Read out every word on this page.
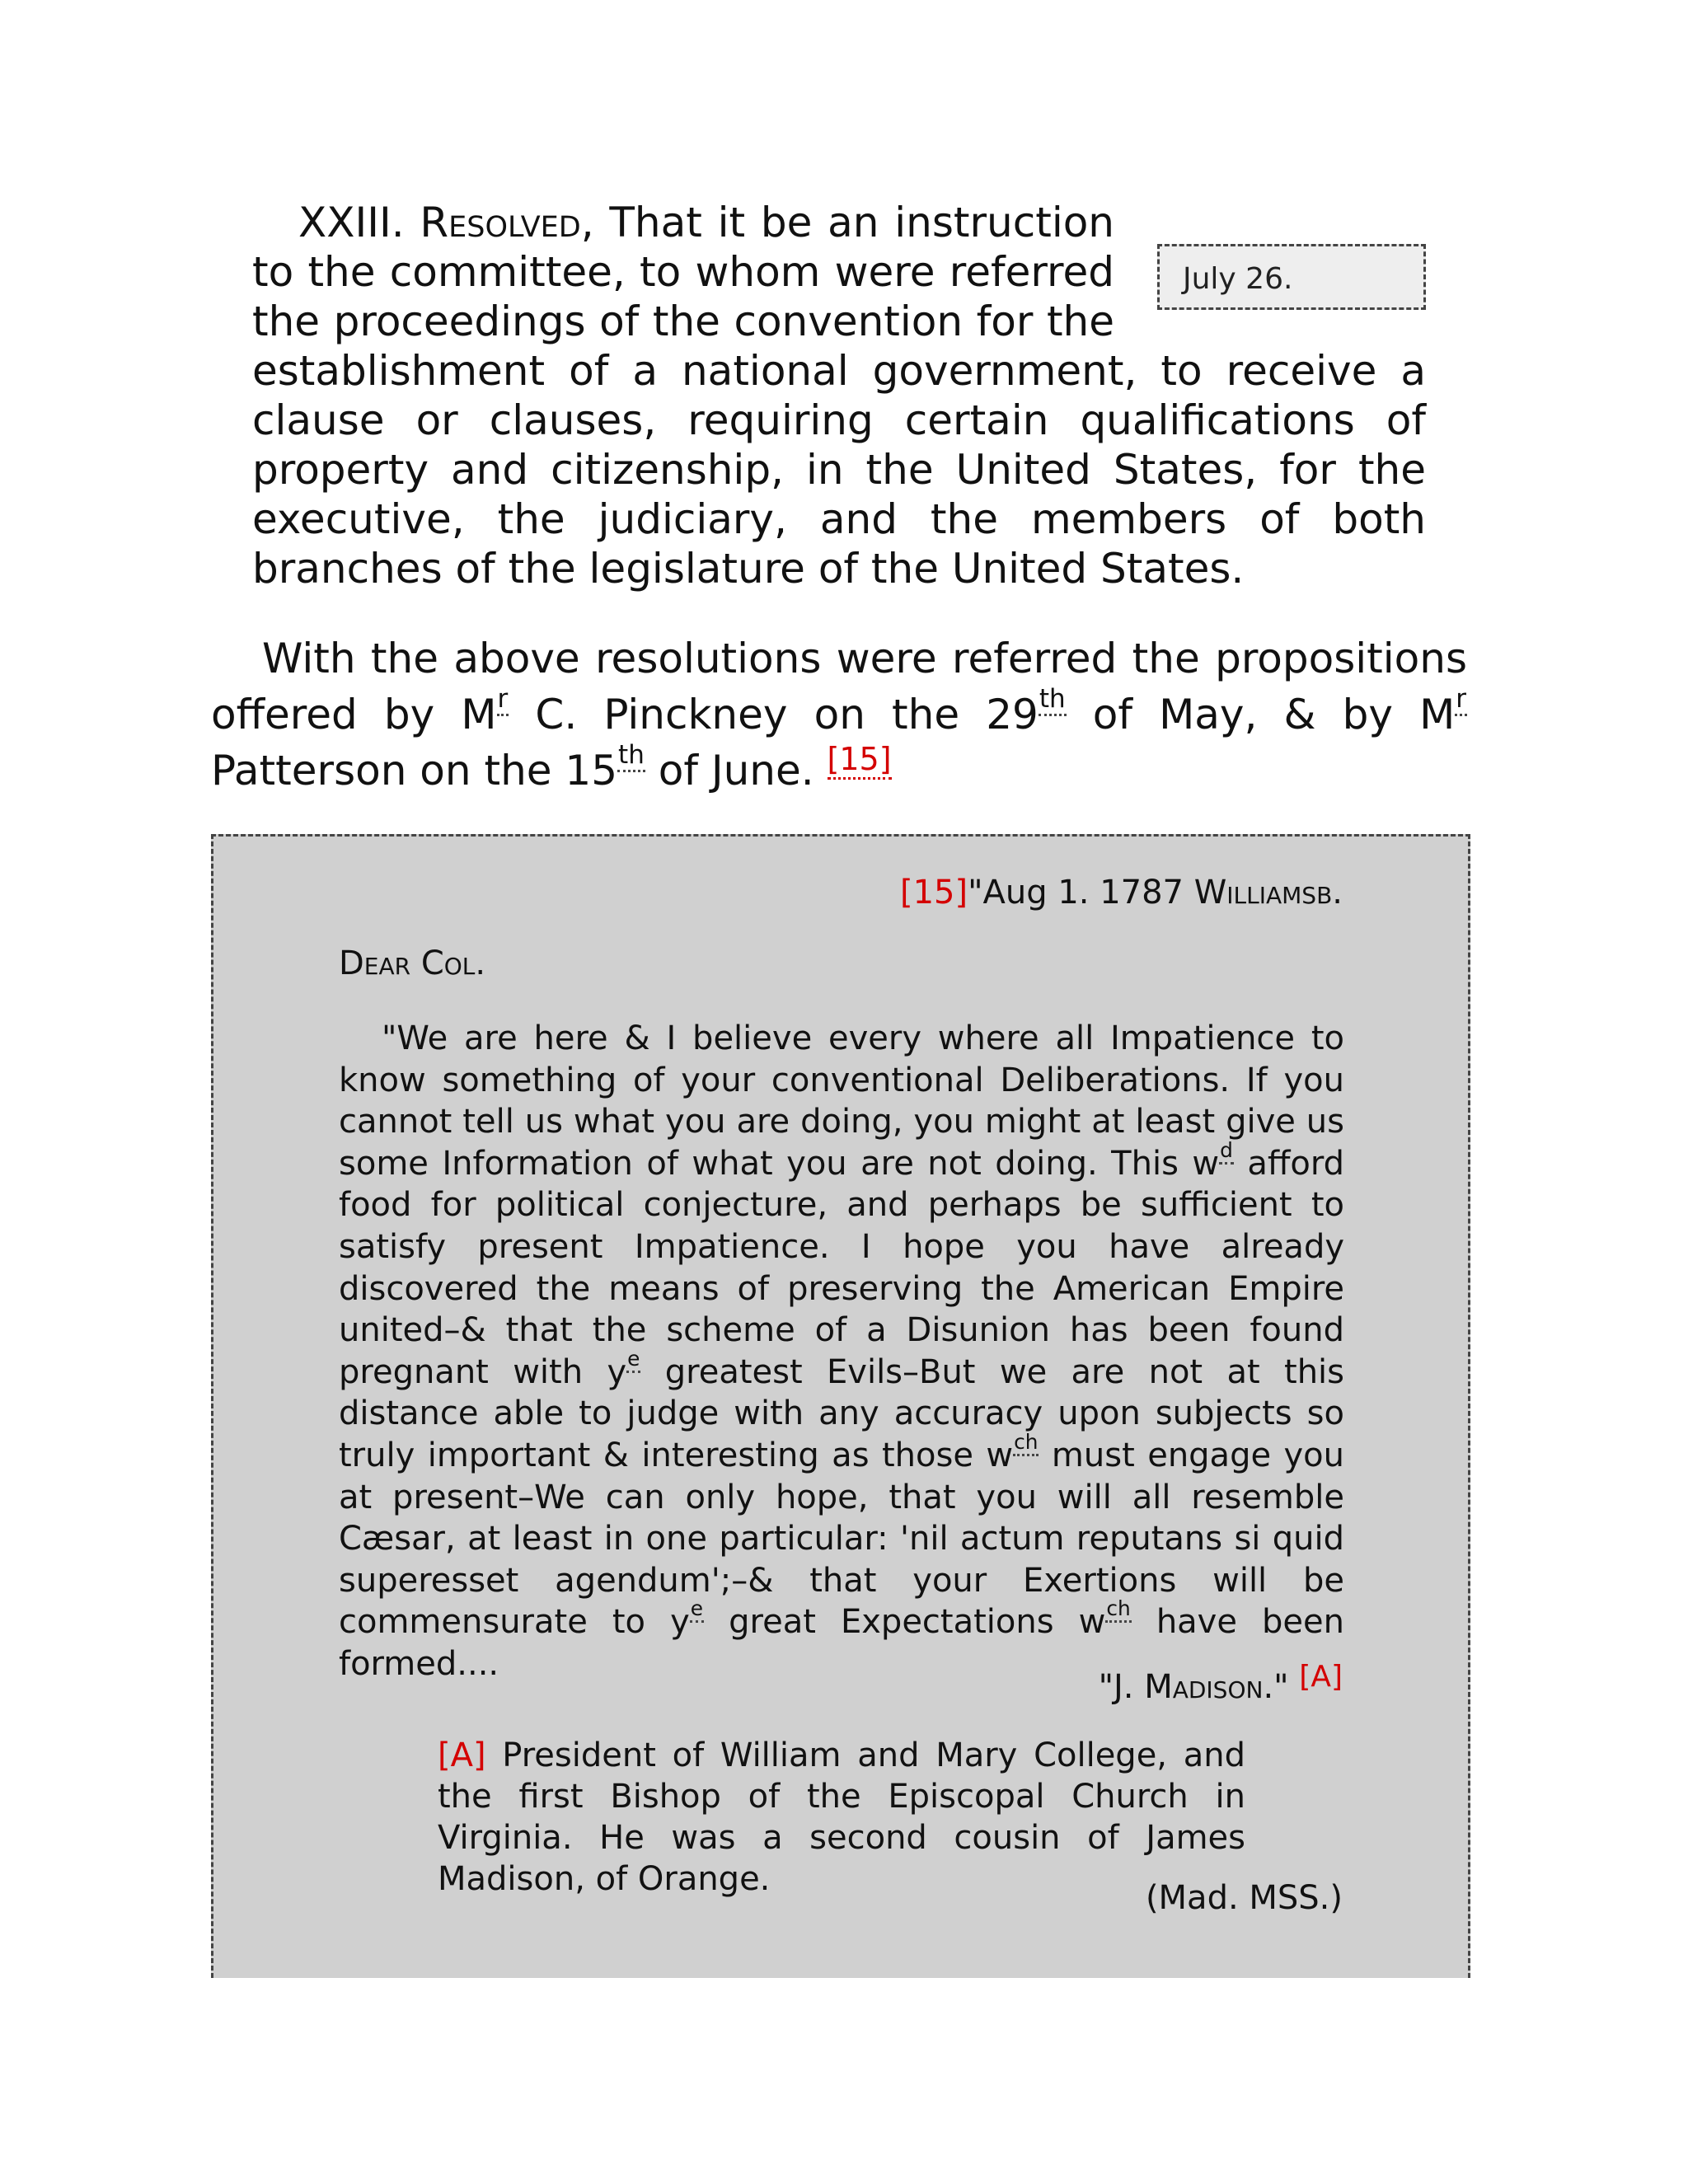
July 26.
XXIII. Resolved, That it be an instruction to the committee, to whom were referred the proceedings of the convention for the establishment of a national government, to receive a clause or clauses, requiring certain qualifications of property and citizenship, in the United States, for the executive, the judiciary, and the members of both branches of the legislature of the United States.

With the above resolutions were referred the propositions offered by $M^r$ C. Pinckney on the 29th of May, & by $M^r$ Patterson on the 15th of June. [15]

[15]"Aug 1. 1787 Williamsb.

Dear Col.

"We are here & I believe every where all Impatience to know something of your conventional Deliberations. If you cannot tell us what you are doing, you might at least give us some Information of what you are not doing. This $w^d$ afford food for political conjecture, and perhaps be sufficient to satisfy present Impatience. I hope you have already discovered the means of preserving the American Empire united–& that the scheme of a Disunion has been found pregnant with $y^e$ greatest Evils–But we are not at this distance able to judge with any accuracy upon subjects so truly important & interesting as those $w^{ch}$ must engage you at present–We can only hope, that you will all resemble Cæsar, at least in one particular: 'nil actum reputans si quid superesset agendum';–& that your Exertions will be commensurate to $y^e$ great Expectations $w^{ch}$ have been formed....

"J. Madison." [A]

[A] President of William and Mary College, and the first Bishop of the Episcopal Church in Virginia. He was a second cousin of James Madison, of Orange.	(Mad. MSS.)
